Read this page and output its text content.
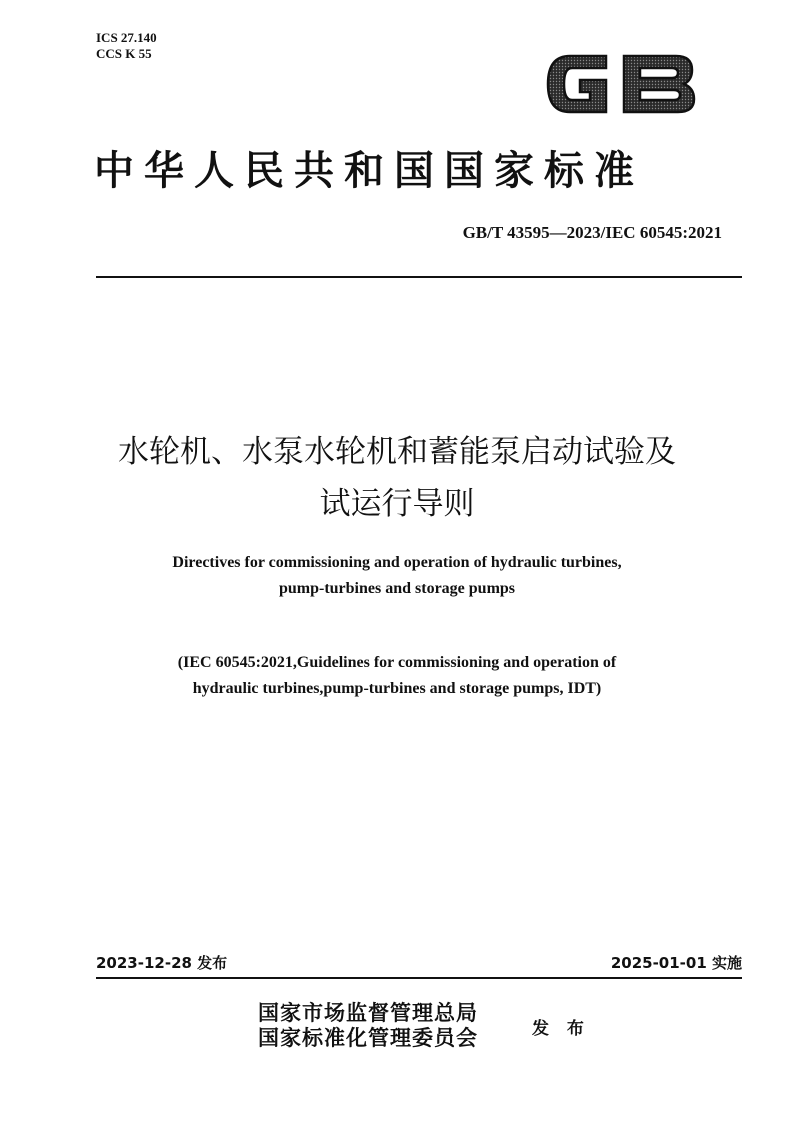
ICS 27.140
CCS K 55
GB
中华人民共和国国家标准
GB/T 43595—2023/IEC 60545:2021
水轮机、水泵水轮机和蓄能泵启动试验及
试运行导则
Directives for commissioning and operation of hydraulic turbines,
pump-turbines and storage pumps
(IEC 60545:2021,Guidelines for commissioning and operation of
hydraulic turbines,pump-turbines and storage pumps, IDT)
2023-12-28 发布	2025-01-01 实施
国家市场监督管理总局
国家标准化管理委员会	发 布
